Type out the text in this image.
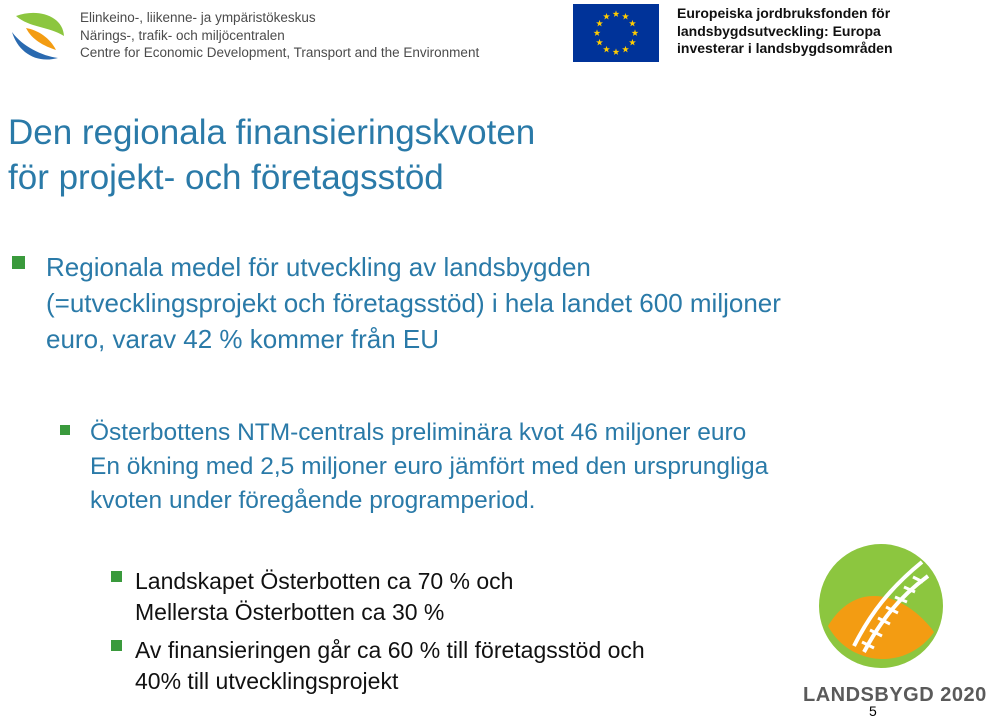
Elinkeino-, liikenne- ja ympäristökeskus
Närings-, trafik- och miljöcentralen
Centre for Economic Development, Transport and the Environment
Europeiska jordbruksfonden för
landsbygdsutveckling: Europa
investerar i landsbygdsområden
Den regionala finansieringskvoten
för projekt- och företagsstöd
Regionala medel för utveckling av landsbygden
(=utvecklingsprojekt och företagsstöd) i hela landet 600 miljoner
euro, varav 42 % kommer från EU
Österbottens NTM-centrals preliminära kvot 46 miljoner euro
En ökning med 2,5 miljoner euro jämfört med den ursprungliga
kvoten under föregående programperiod.
Landskapet Österbotten ca 70 % och
Mellersta Österbotten ca 30 %
Av finansieringen går ca 60 % till företagsstöd och
40% till utvecklingsprojekt
LANDSBYGD 2020
5
